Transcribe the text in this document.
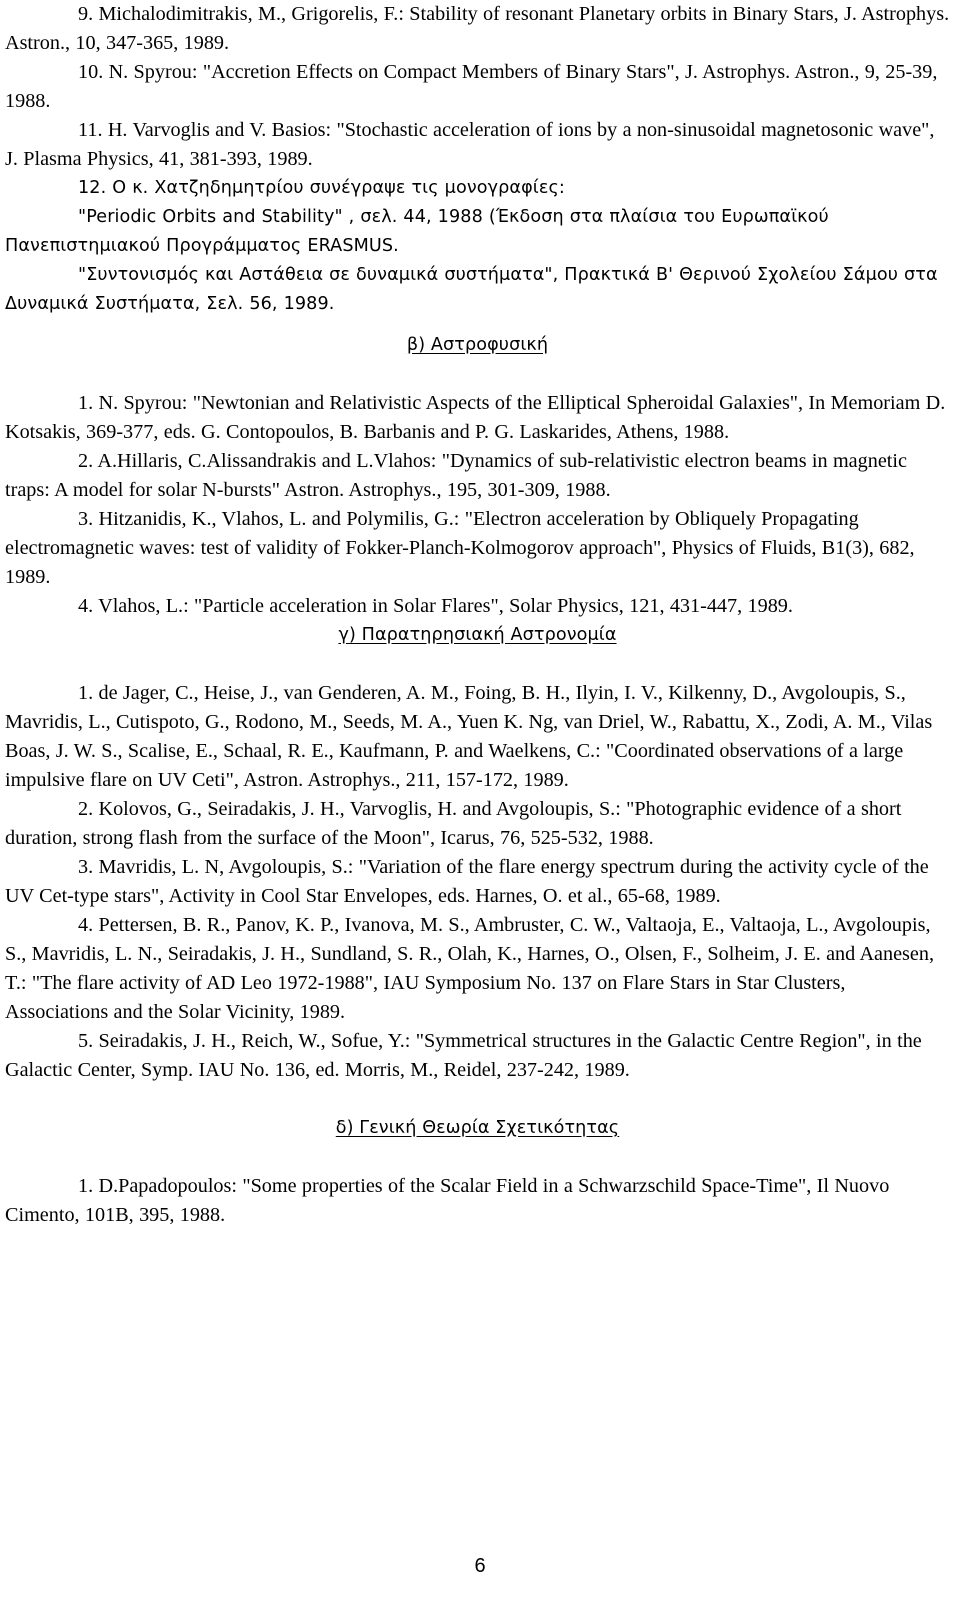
9. Michalodimitrakis, M., Grigorelis, F.: Stability of resonant Planetary orbits in Binary Stars, J. Astrophys. Astron., 10, 347-365, 1989.

10. N. Spyrou: "Accretion Effects on Compact Members of Binary Stars", J. Astrophys. Astron., 9, 25-39, 1988.

11. H. Varvoglis and V. Basios: "Stochastic acceleration of ions by a non-sinusoidal magnetosonic wave", J. Plasma Physics, 41, 381-393, 1989.

12. Ο κ. Χατζηδημητρίου συνέγραψε τις μονογραφίες:

"Periodic Orbits and Stability" , σελ. 44, 1988 (Έκδοση στα πλαίσια του Ευρωπαϊκού Πανεπιστημιακού Προγράμματος ERASMUS.

"Συντονισμός και Αστάθεια σε δυναμικά συστήματα", Πρακτικά Β' Θερινού Σχολείου Σάμου στα Δυναμικά Συστήματα, Σελ. 56, 1989.

β) Αστροφυσική

1. N. Spyrou: "Newtonian and Relativistic Aspects of the Elliptical Spheroidal Galaxies", In Memoriam D. Kotsakis, 369-377, eds. G. Contopoulos, B. Barbanis and P. G. Laskarides, Athens, 1988.

2. A.Hillaris, C.Alissandrakis and L.Vlahos: "Dynamics of sub-relativistic electron beams in magnetic traps: A model for solar N-bursts" Astron. Astrophys., 195, 301-309, 1988.

3. Hitzanidis, K., Vlahos, L. and Polymilis, G.: "Electron acceleration by Obliquely Propagating electromagnetic waves: test of validity of Fokker-Planch-Kolmogorov approach", Physics of Fluids, B1(3), 682, 1989.

4. Vlahos, L.: "Particle acceleration in Solar Flares", Solar Physics, 121, 431-447, 1989.

γ) Παρατηρησιακή Αστρονομία

1. de Jager, C., Heise, J., van Genderen, A. M., Foing, B. H., Ilyin, I. V., Kilkenny, D., Avgoloupis, S., Mavridis, L., Cutispoto, G., Rodono, M., Seeds, M. A., Yuen K. Ng, van Driel, W., Rabattu, X., Zodi, A. M., Vilas Boas, J. W. S., Scalise, E., Schaal, R. E., Kaufmann, P. and Waelkens, C.: "Coordinated observations of a large impulsive flare on UV Ceti", Astron. Astrophys., 211, 157-172, 1989.

2. Kolovos, G., Seiradakis, J. H., Varvoglis, H. and Avgoloupis, S.: "Photographic evidence of a short duration, strong flash from the surface of the Moon", Icarus, 76, 525-532, 1988.

3. Mavridis, L. N, Avgoloupis, S.: "Variation of the flare energy spectrum during the activity cycle of the UV Cet-type stars", Activity in Cool Star Envelopes, eds. Harnes, O. et al., 65-68, 1989.

4. Pettersen, B. R., Panov, K. P., Ivanova, M. S., Ambruster, C. W., Valtaoja, E., Valtaoja, L., Avgoloupis, S., Mavridis, L. N., Seiradakis, J. H., Sundland, S. R., Olah, K., Harnes, O., Olsen, F., Solheim, J. E. and Aanesen, T.: "The flare activity of AD Leo 1972-1988", IAU Symposium No. 137 on Flare Stars in Star Clusters, Associations and the Solar Vicinity, 1989.

5. Seiradakis, J. H., Reich, W., Sofue, Y.: "Symmetrical structures in the Galactic Centre Region", in the Galactic Center, Symp. IAU No. 136, ed. Morris, M., Reidel, 237-242, 1989.

δ) Γενική Θεωρία Σχετικότητας

1. D.Papadopoulos: "Some properties of the Scalar Field in a Schwarzschild Space-Time", Il Nuovo Cimento, 101B, 395, 1988.

6
